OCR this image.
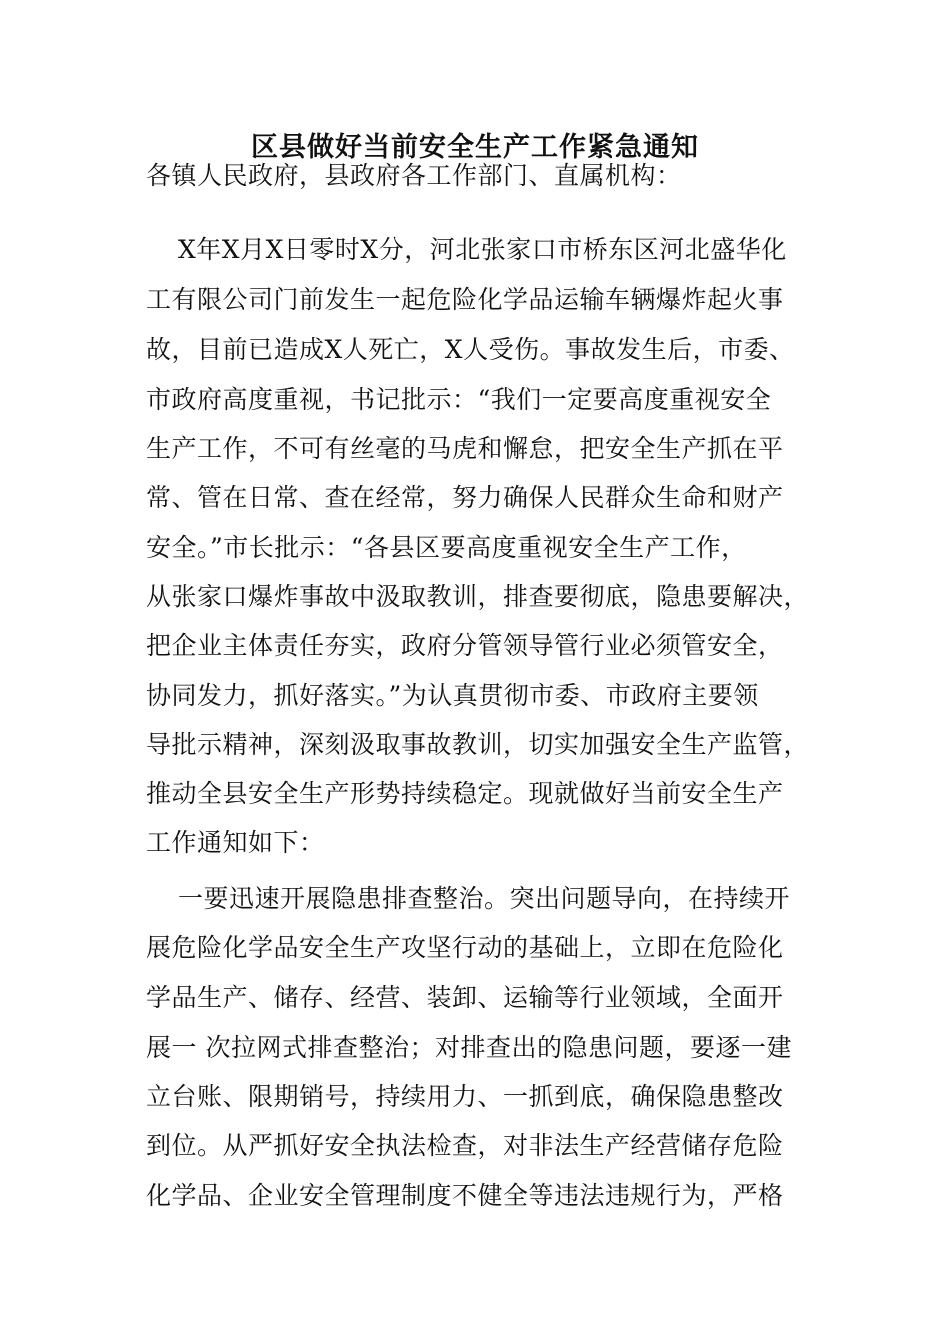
区县做好当前安全生产工作紧急通知
各镇人民政府，县政府各工作部门、直属机构：
X年X月X日零时X分，河北张家口市桥东区河北盛华化
工有限公司门前发生一起危险化学品运输车辆爆炸起火事
故，目前已造成X人死亡，X人受伤。事故发生后，市委、
市政府高度重视，书记批示：“我们一定要高度重视安全
生产工作，不可有丝毫的马虎和懈怠，把安全生产抓在平
常、管在日常、查在经常，努力确保人民群众生命和财产
安全。”市长批示：“各县区要高度重视安全生产工作，
从张家口爆炸事故中汲取教训，排查要彻底，隐患要解决，
把企业主体责任夯实，政府分管领导管行业必须管安全，
协同发力，抓好落实。”为认真贯彻市委、市政府主要领
导批示精神，深刻汲取事故教训，切实加强安全生产监管，
推动全县安全生产形势持续稳定。现就做好当前安全生产
工作通知如下：
一要迅速开展隐患排查整治。突出问题导向，在持续开
展危险化学品安全生产攻坚行动的基础上，立即在危险化
学品生产、储存、经营、装卸、运输等行业领域，全面开
展一 次拉网式排查整治；对排查出的隐患问题，要逐一建
立台账、限期销号，持续用力、一抓到底，确保隐患整改
到位。从严抓好安全执法检查，对非法生产经营储存危险
化学品、企业安全管理制度不健全等违法违规行为，严格
